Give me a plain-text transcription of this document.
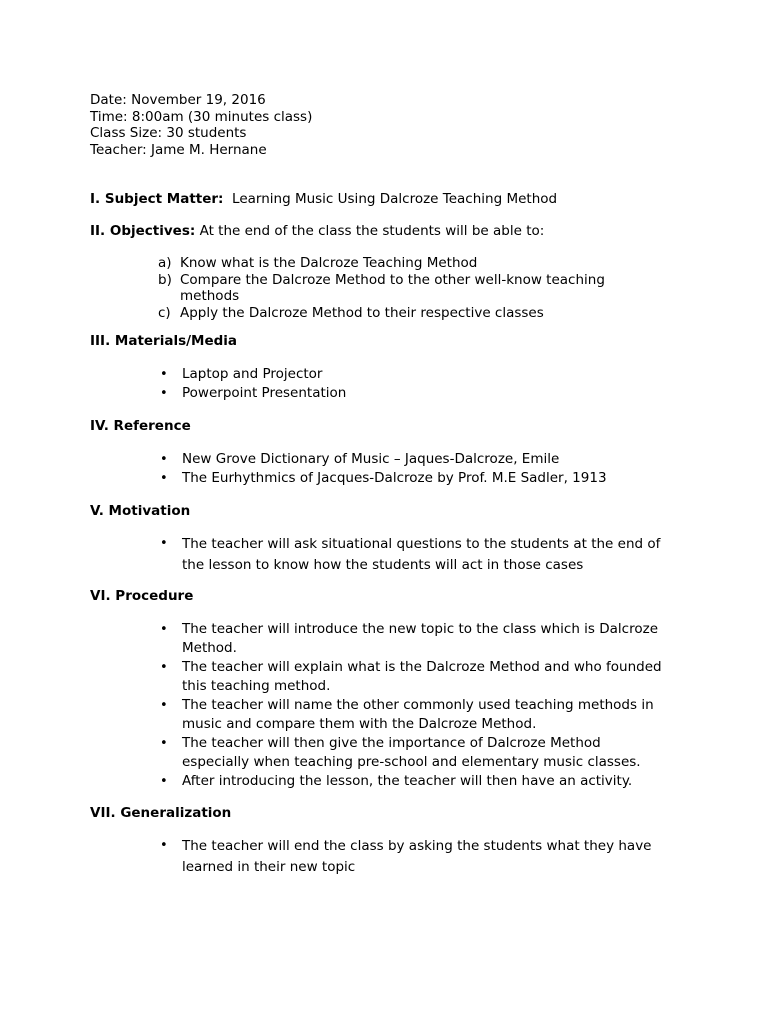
Date: November 19, 2016
Time: 8:00am (30 minutes class)
Class Size: 30 students
Teacher: Jame M. Hernane
I. Subject Matter: Learning Music Using Dalcroze Teaching Method
II. Objectives: At the end of the class the students will be able to:
a) Know what is the Dalcroze Teaching Method
b) Compare the Dalcroze Method to the other well-know teaching methods
c) Apply the Dalcroze Method to their respective classes
III. Materials/Media
•	Laptop and Projector
•	Powerpoint Presentation
IV. Reference
•	New Grove Dictionary of Music – Jaques-Dalcroze, Emile
•	The Eurhythmics of Jacques-Dalcroze by Prof. M.E Sadler, 1913
V. Motivation
•	The teacher will ask situational questions to the students at the end of the lesson to know how the students will act in those cases
VI. Procedure
•	The teacher will introduce the new topic to the class which is Dalcroze Method.
•	The teacher will explain what is the Dalcroze Method and who founded this teaching method.
•	The teacher will name the other commonly used teaching methods in music and compare them with the Dalcroze Method.
•	The teacher will then give the importance of Dalcroze Method especially when teaching pre-school and elementary music classes.
•	After introducing the lesson, the teacher will then have an activity.
VII. Generalization
•	The teacher will end the class by asking the students what they have learned in their new topic
